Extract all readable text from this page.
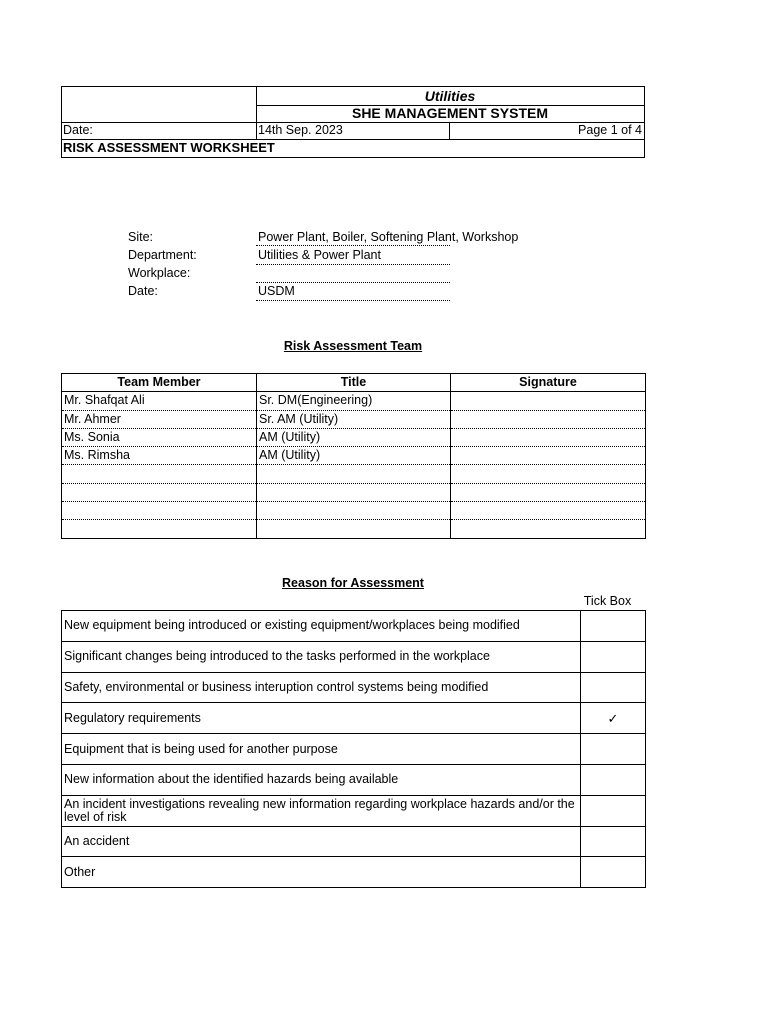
Utilities
SHE MANAGEMENT SYSTEM
Date:	14th Sep. 2023	Page 1 of 4
RISK ASSESSMENT WORKSHEET
Site:	Power Plant, Boiler, Softening Plant, Workshop
Department:	Utilities & Power Plant
Workplace:
Date:	USDM
Risk Assessment Team
Team Member	Title	Signature
Mr. Shafqat Ali	Sr. DM(Engineering)	
Mr. Ahmer	Sr. AM (Utility)	
Ms. Sonia	AM (Utility)	
Ms. Rimsha	AM (Utility)	

Reason for Assessment
Tick Box
New equipment being introduced or existing equipment/workplaces being modified	
Significant changes being introduced to the tasks performed in the workplace	
Safety, environmental or business interuption control systems being modified	
Regulatory requirements	✓
Equipment that is being used for another purpose	
New information about the identified hazards being available	
An incident investigations revealing new information regarding workplace hazards and/or the level of risk	
An accident	
Other	
